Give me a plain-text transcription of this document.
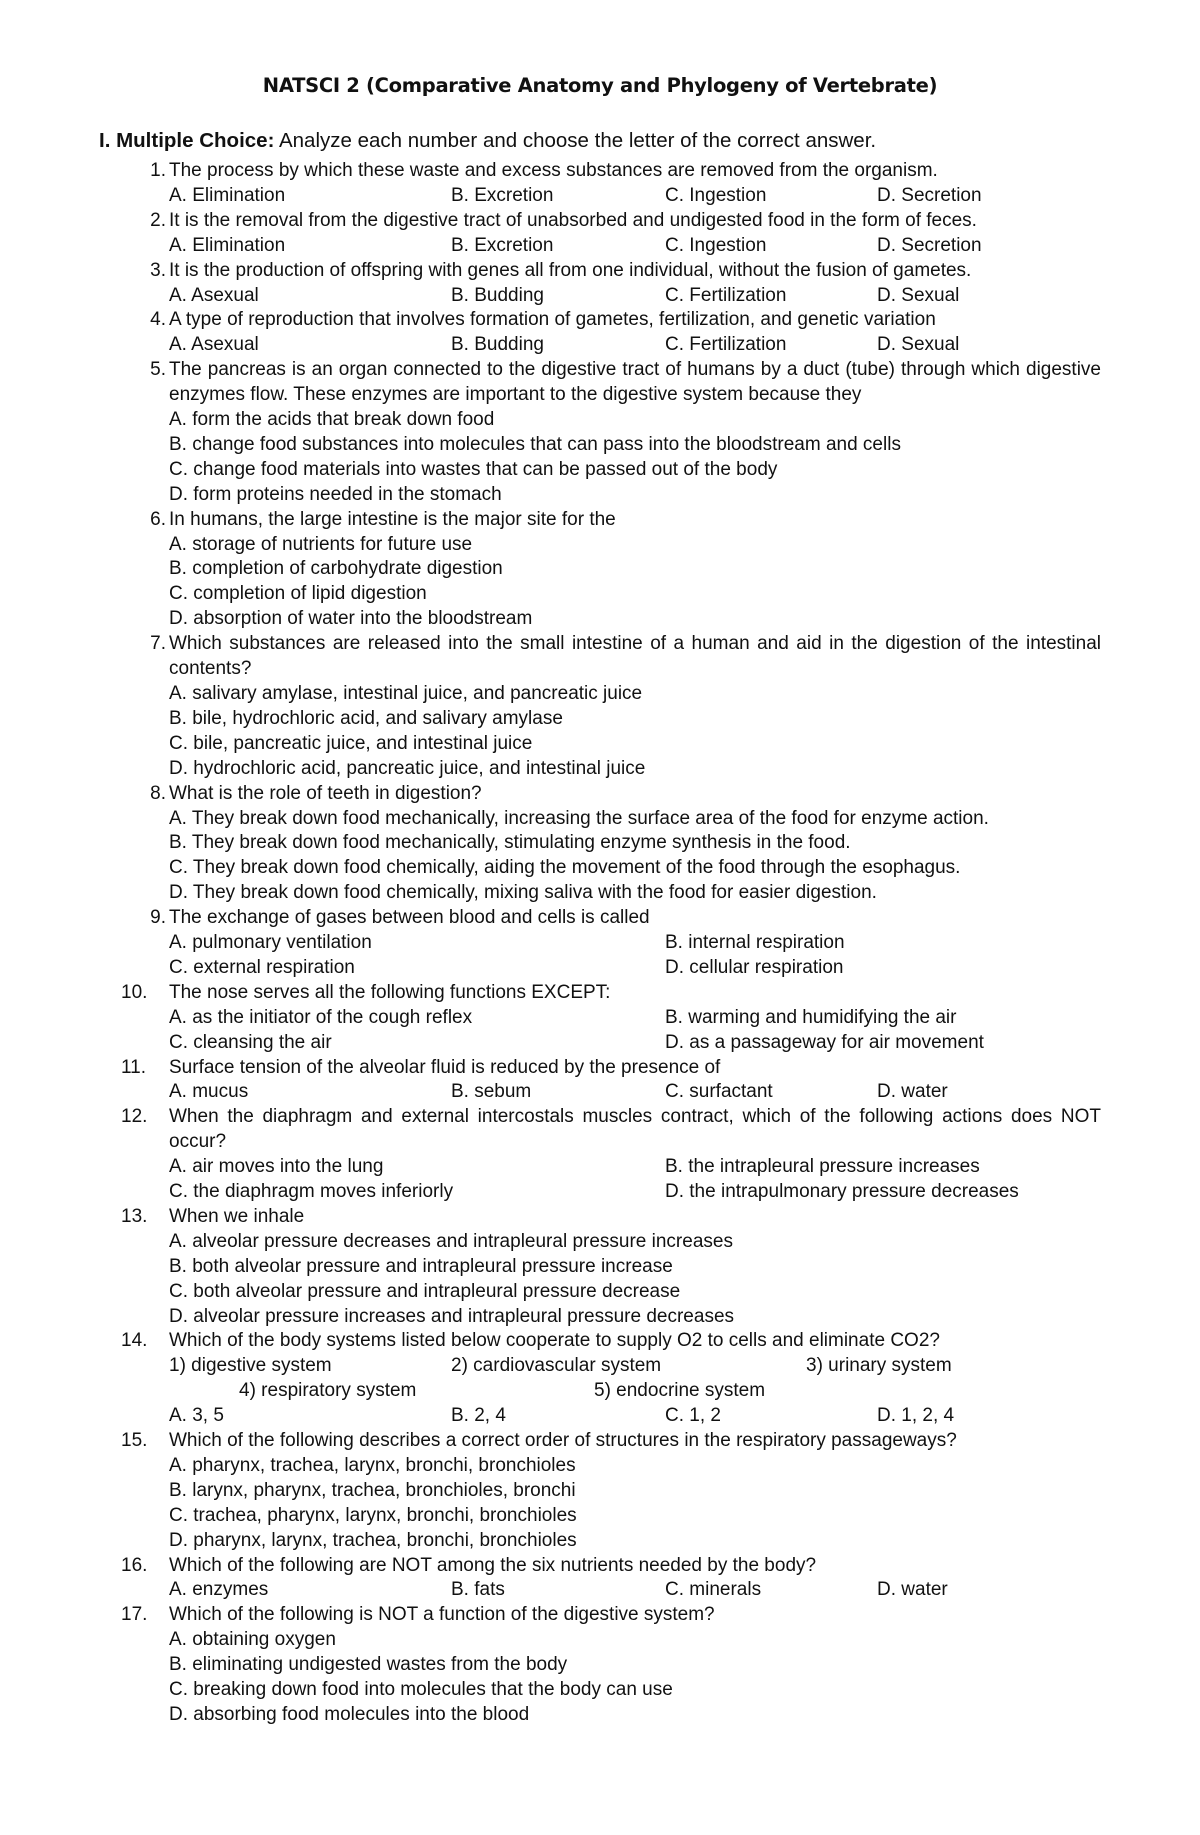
NATSCI 2 (Comparative Anatomy and Phylogeny of Vertebrate)
I. Multiple Choice: Analyze each number and choose the letter of the correct answer.
1. The process by which these waste and excess substances are removed from the organism.
A. Elimination	B. Excretion	C. Ingestion	D. Secretion
2. It is the removal from the digestive tract of unabsorbed and undigested food in the form of feces.
A. Elimination	B. Excretion	C. Ingestion	D. Secretion
3. It is the production of offspring with genes all from one individual, without the fusion of gametes.
A. Asexual	B. Budding	C. Fertilization	D. Sexual
4. A type of reproduction that involves formation of gametes, fertilization, and genetic variation
A. Asexual	B. Budding	C. Fertilization	D. Sexual
5. The pancreas is an organ connected to the digestive tract of humans by a duct (tube) through which digestive enzymes flow. These enzymes are important to the digestive system because they
A. form the acids that break down food
B. change food substances into molecules that can pass into the bloodstream and cells
C. change food materials into wastes that can be passed out of the body
D. form proteins needed in the stomach
6. In humans, the large intestine is the major site for the
A. storage of nutrients for future use
B. completion of carbohydrate digestion
C. completion of lipid digestion
D. absorption of water into the bloodstream
7. Which substances are released into the small intestine of a human and aid in the digestion of the intestinal contents?
A. salivary amylase, intestinal juice, and pancreatic juice
B. bile, hydrochloric acid, and salivary amylase
C. bile, pancreatic juice, and intestinal juice
D. hydrochloric acid, pancreatic juice, and intestinal juice
8. What is the role of teeth in digestion?
A. They break down food mechanically, increasing the surface area of the food for enzyme action.
B. They break down food mechanically, stimulating enzyme synthesis in the food.
C. They break down food chemically, aiding the movement of the food through the esophagus.
D. They break down food chemically, mixing saliva with the food for easier digestion.
9. The exchange of gases between blood and cells is called
A. pulmonary ventilation	B. internal respiration
C. external respiration	D. cellular respiration
10.	The nose serves all the following functions EXCEPT:
A. as the initiator of the cough reflex	B. warming and humidifying the air
C. cleansing the air	D. as a passageway for air movement
11.	Surface tension of the alveolar fluid is reduced by the presence of
A. mucus	B. sebum	C. surfactant	D. water
12.	When the diaphragm and external intercostals muscles contract, which of the following actions does NOT occur?
A. air moves into the lung	B. the intrapleural pressure increases
C. the diaphragm moves inferiorly	D. the intrapulmonary pressure decreases
13.	When we inhale
A. alveolar pressure decreases and intrapleural pressure increases
B. both alveolar pressure and intrapleural pressure increase
C. both alveolar pressure and intrapleural pressure decrease
D. alveolar pressure increases and intrapleural pressure decreases
14.	Which of the body systems listed below cooperate to supply O2 to cells and eliminate CO2?
1) digestive system	2) cardiovascular system	3) urinary system
4) respiratory system	5) endocrine system
A. 3, 5	B. 2, 4	C. 1, 2	D. 1, 2, 4
15.	Which of the following describes a correct order of structures in the respiratory passageways?
A. pharynx, trachea, larynx, bronchi, bronchioles
B. larynx, pharynx, trachea, bronchioles, bronchi
C. trachea, pharynx, larynx, bronchi, bronchioles
D. pharynx, larynx, trachea, bronchi, bronchioles
16.	Which of the following are NOT among the six nutrients needed by the body?
A. enzymes	B. fats	C. minerals	D. water
17.	Which of the following is NOT a function of the digestive system?
A. obtaining oxygen
B. eliminating undigested wastes from the body
C. breaking down food into molecules that the body can use
D. absorbing food molecules into the blood
